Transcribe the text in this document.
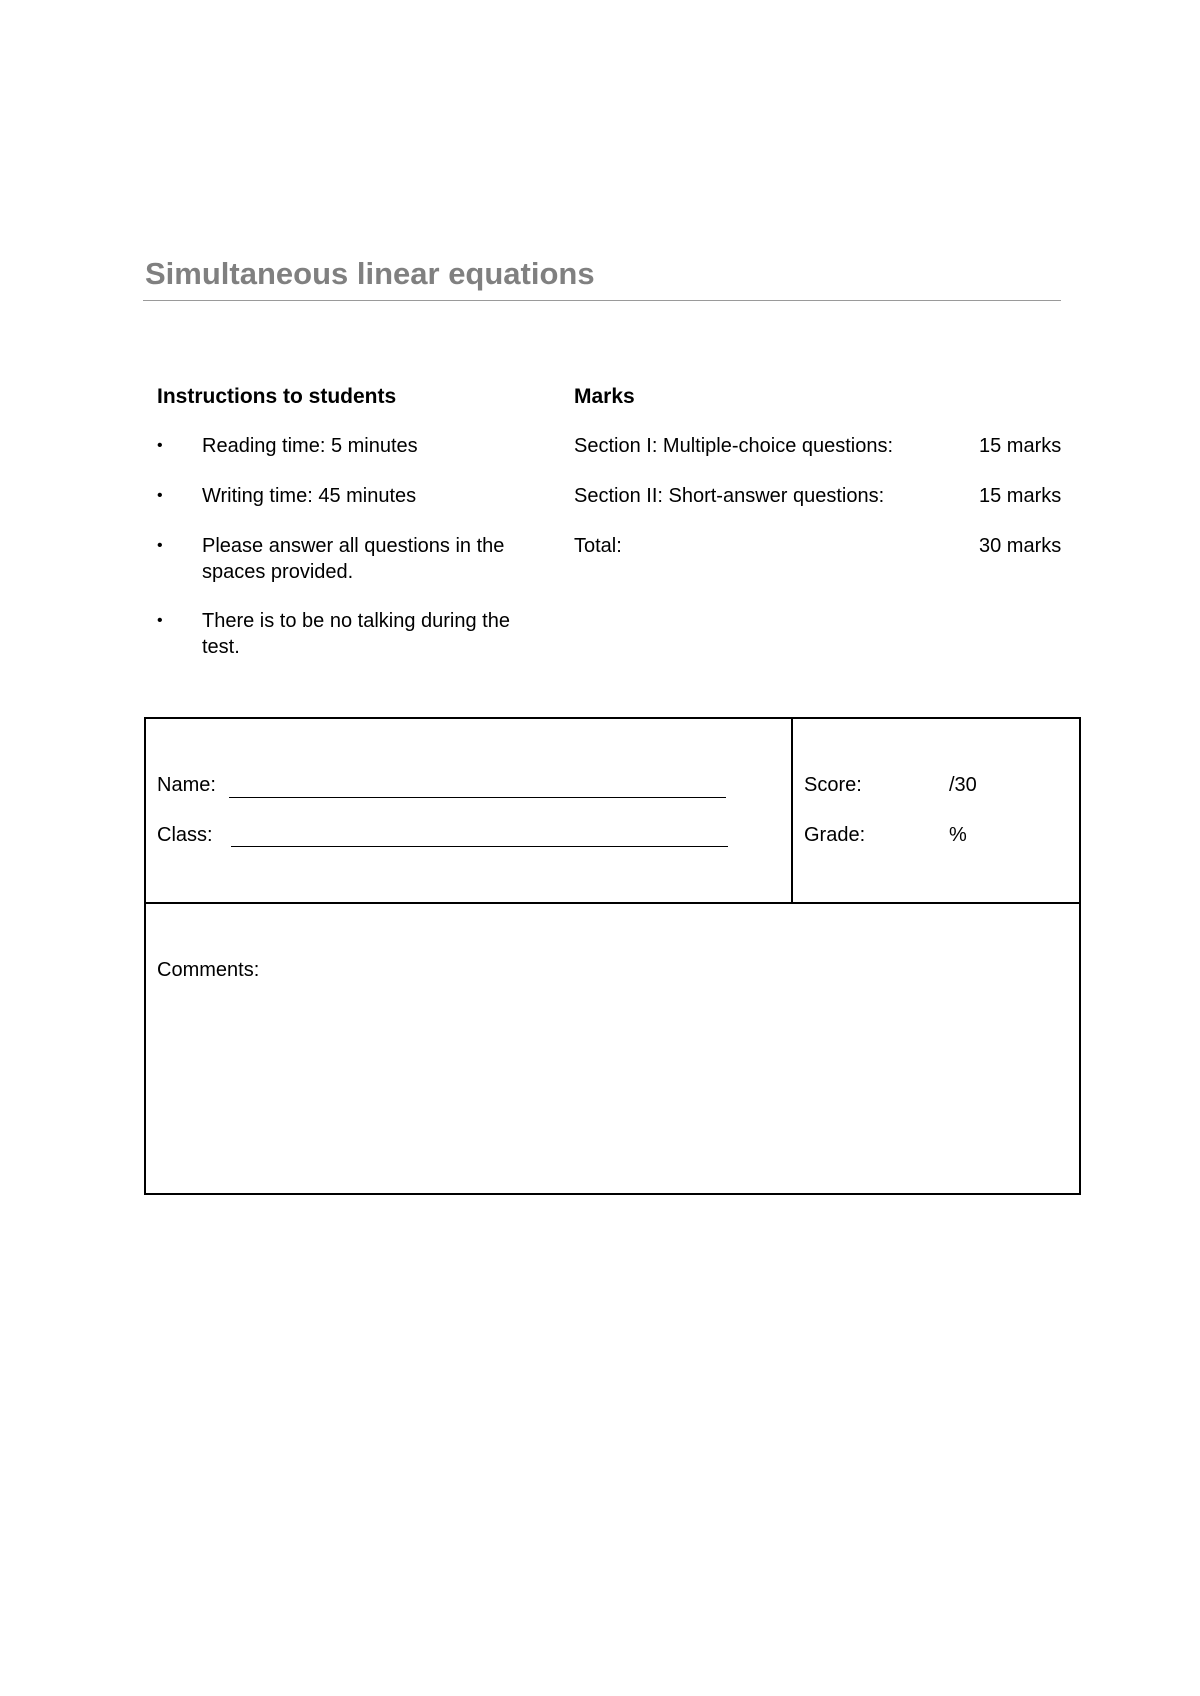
Simultaneous linear equations
Instructions to students
• Reading time: 5 minutes
• Writing time: 45 minutes
• Please answer all questions in the
spaces provided.
• There is to be no talking during the
test.
Marks
Section I: Multiple-choice questions:	15 marks
Section II: Short-answer questions:	15 marks
Total:	30 marks
Name:
Class:
Score:	/30
Grade:	%
Comments:
